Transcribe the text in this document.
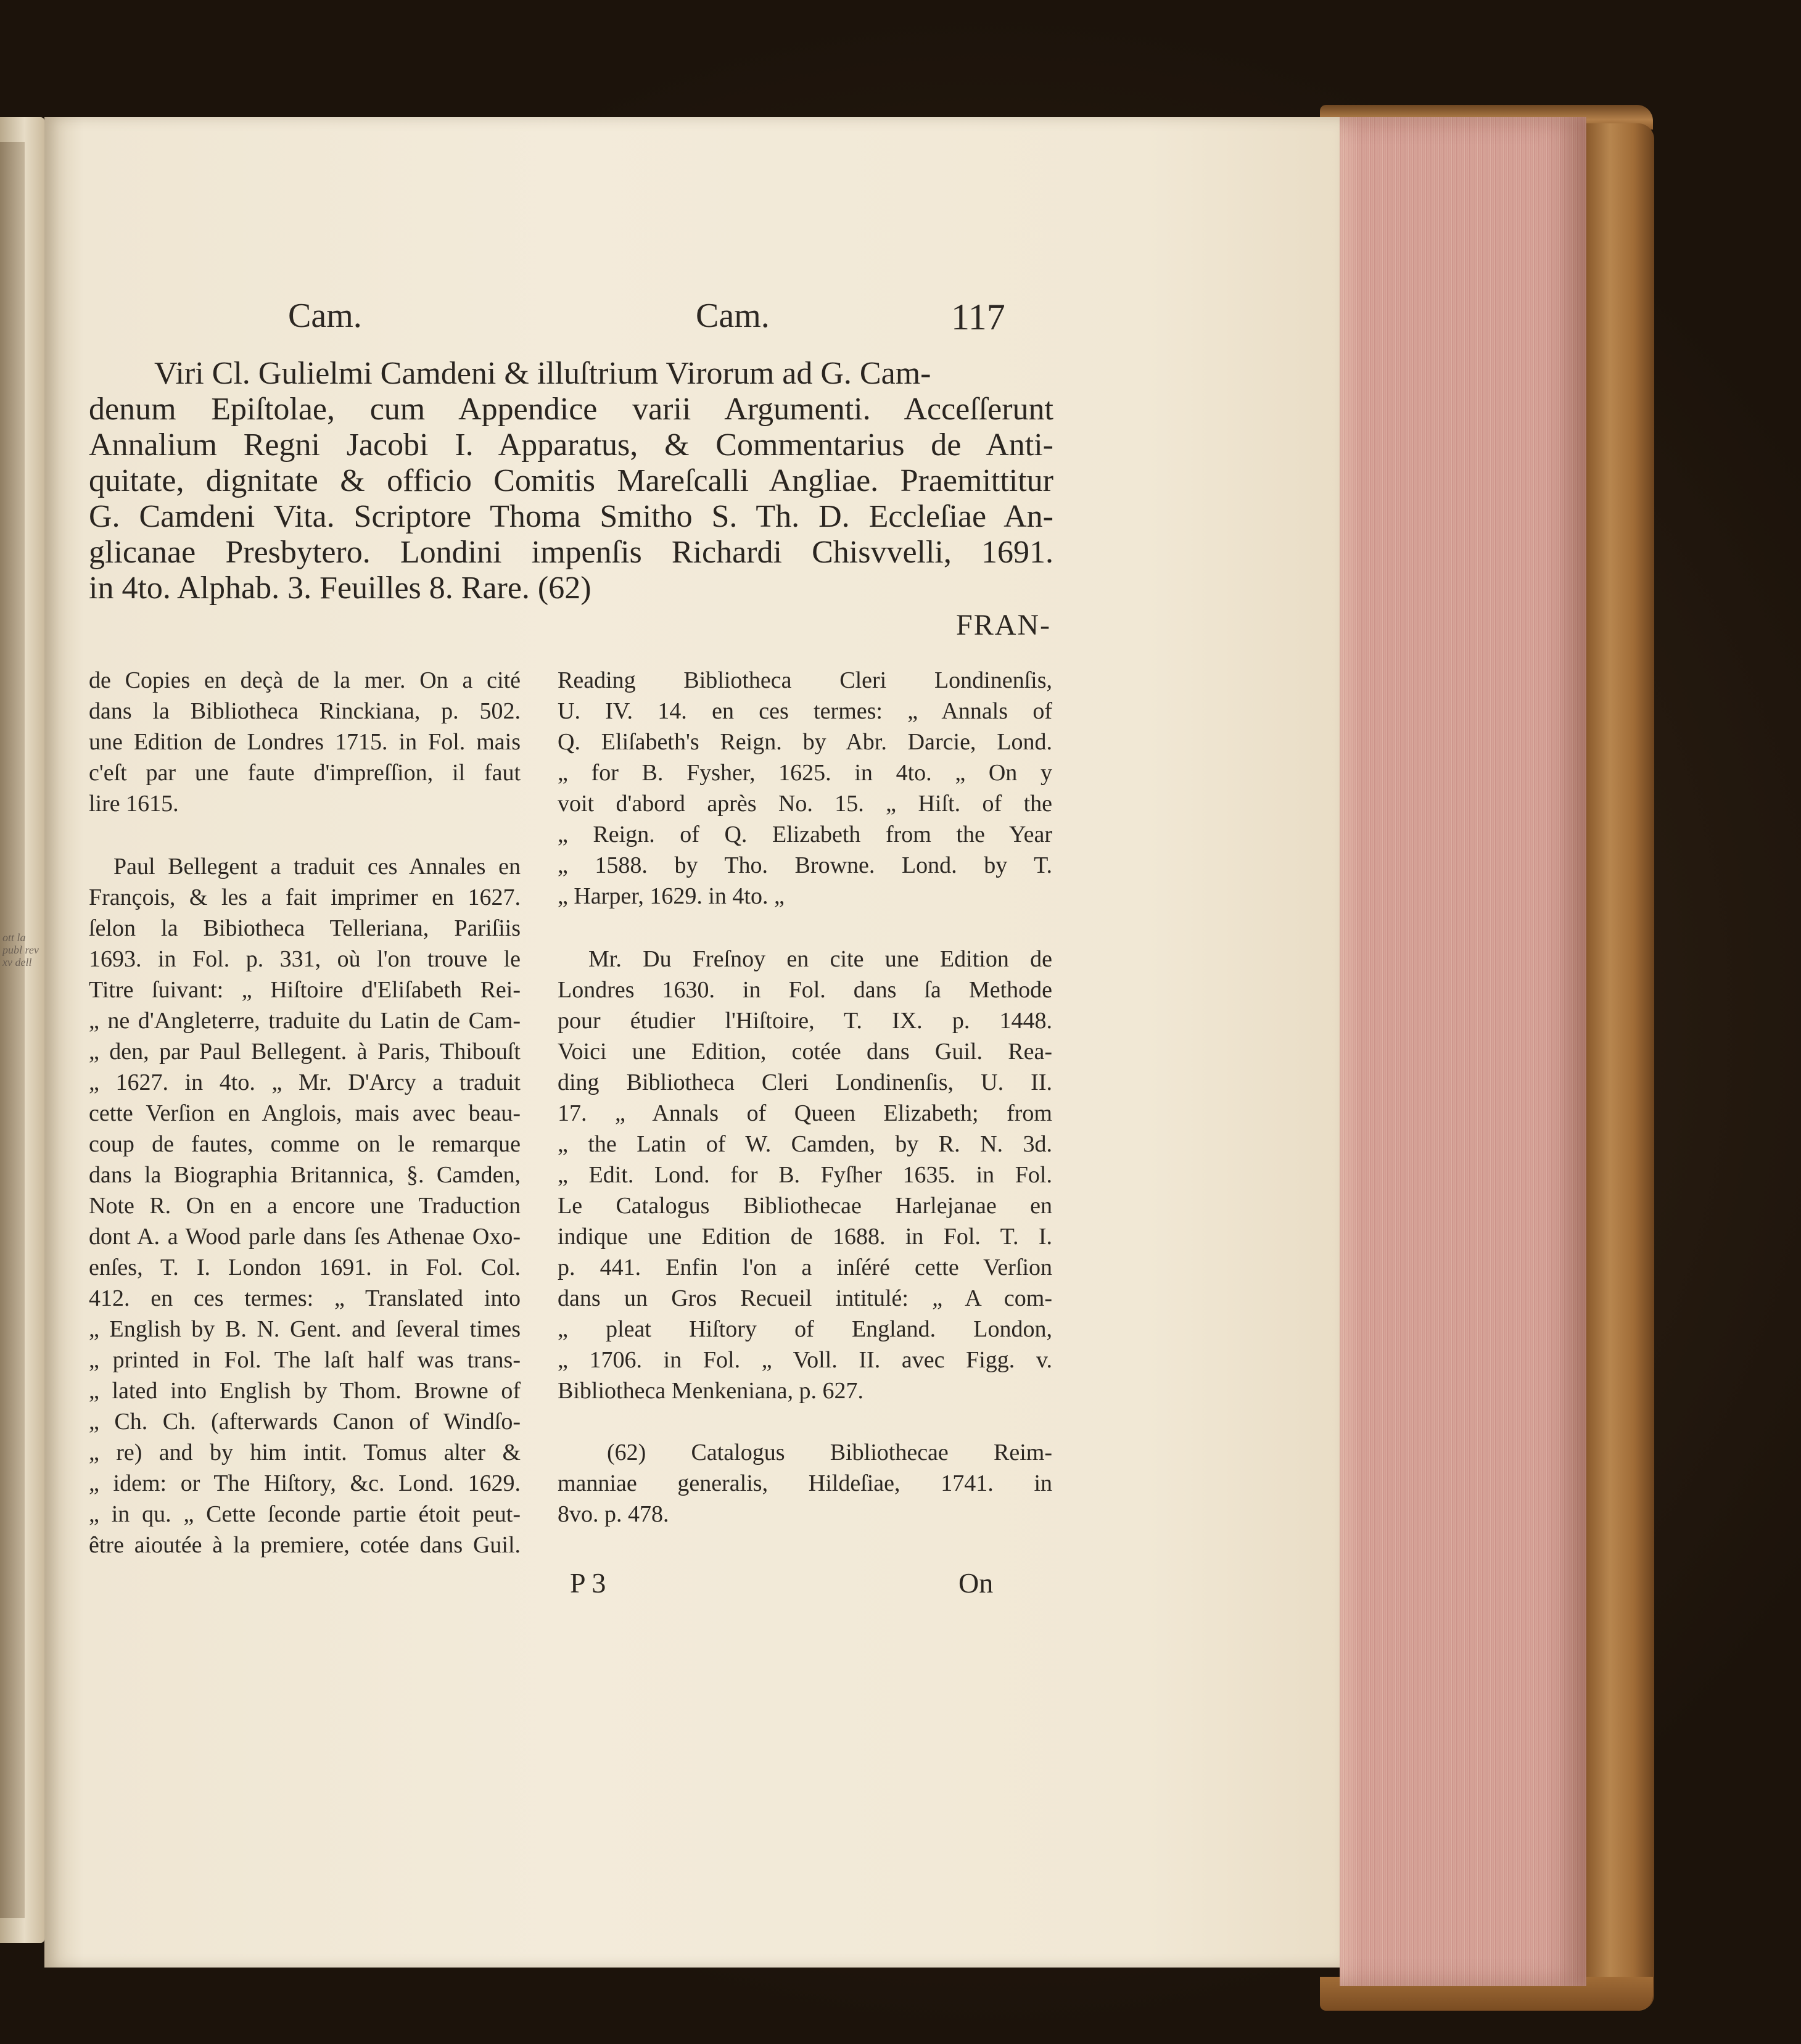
ott la publ rev xv dell
Cam.	Cam.	117
Viri Cl. Gulielmi Camdeni & illuſtrium Virorum ad G. Cam-
denum Epiſtolae, cum Appendice varii Argumenti. Acceſſerunt
Annalium Regni Jacobi I. Apparatus, & Commentarius de Anti-
quitate, dignitate & officio Comitis Mareſcalli Angliae. Praemittitur
G. Camdeni Vita. Scriptore Thoma Smitho S. Th. D. Eccleſiae An-
glicanae Presbytero. Londini impenſis Richardi Chisvvelli, 1691.
in 4to. Alphab. 3. Feuilles 8. Rare. (62)
FRAN-
de Copies en deçà de la mer. On a cité
dans la Bibliotheca Rinckiana, p. 502.
une Edition de Londres 1715. in Fol. mais
c'eſt par une faute d'impreſſion, il faut
lire 1615.
Paul Bellegent a traduit ces Annales en
François, & les a fait imprimer en 1627.
ſelon la Bibiotheca Telleriana, Pariſiis
1693. in Fol. p. 331, où l'on trouve le
Titre ſuivant: „ Hiſtoire d'Eliſabeth Rei-
„ ne d'Angleterre, traduite du Latin de Cam-
„ den, par Paul Bellegent. à Paris, Thibouſt
„ 1627. in 4to. „ Mr. D'Arcy a traduit
cette Verſion en Anglois, mais avec beau-
coup de fautes, comme on le remarque
dans la Biographia Britannica, §. Camden,
Note R. On en a encore une Traduction
dont A. a Wood parle dans ſes Athenae Oxo-
enſes, T. I. London 1691. in Fol. Col.
412. en ces termes: „ Translated into
„ English by B. N. Gent. and ſeveral times
„ printed in Fol. The laſt half was trans-
„ lated into English by Thom. Browne of
„ Ch. Ch. (afterwards Canon of Windſo-
„ re) and by him intit. Tomus alter &
„ idem: or The Hiſtory, &c. Lond. 1629.
„ in qu. „ Cette ſeconde partie étoit peut-
être aioutée à la premiere, cotée dans Guil.
Reading Bibliotheca Cleri Londinenſis,
U. IV. 14. en ces termes: „ Annals of
Q. Eliſabeth's Reign. by Abr. Darcie, Lond.
„ for B. Fysher, 1625. in 4to. „ On y
voit d'abord après No. 15. „ Hiſt. of the
„ Reign. of Q. Elizabeth from the Year
„ 1588. by Tho. Browne. Lond. by T.
„ Harper, 1629. in 4to. „
Mr. Du Freſnoy en cite une Edition de
Londres 1630. in Fol. dans ſa Methode
pour étudier l'Hiſtoire, T. IX. p. 1448.
Voici une Edition, cotée dans Guil. Rea-
ding Bibliotheca Cleri Londinenſis, U. II.
17. „ Annals of Queen Elizabeth; from
„ the Latin of W. Camden, by R. N. 3d.
„ Edit. Lond. for B. Fyſher 1635. in Fol.
Le Catalogus Bibliothecae Harlejanae en
indique une Edition de 1688. in Fol. T. I.
p. 441. Enfin l'on a inſéré cette Verſion
dans un Gros Recueil intitulé: „ A com-
„ pleat Hiſtory of England. London,
„ 1706. in Fol. „ Voll. II. avec Figg. v.
Bibliotheca Menkeniana, p. 627.
(62) Catalogus Bibliothecae Reim-
manniae generalis, Hildeſiae, 1741. in
8vo. p. 478.
P 3	On
